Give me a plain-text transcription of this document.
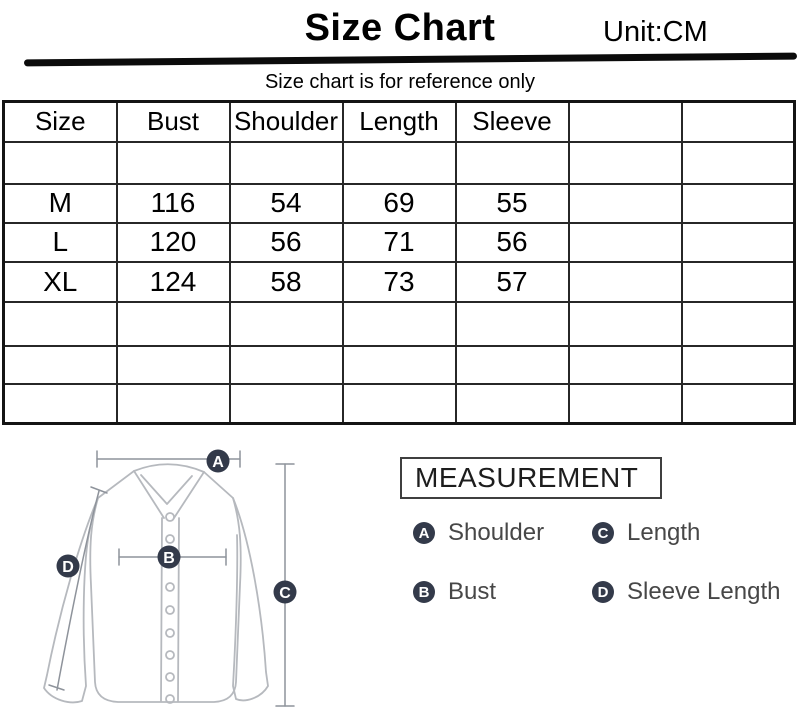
Size Chart	Unit:CM
Size chart is for reference only
Size	Bust	Shoulder	Length	Sleeve		

M	116	54	69	55		
L	120	56	71	56		
XL	124	58	73	57		

A
B
C
D
MEASUREMENT
A Shoulder	C Length
B Bust	D Sleeve Length
